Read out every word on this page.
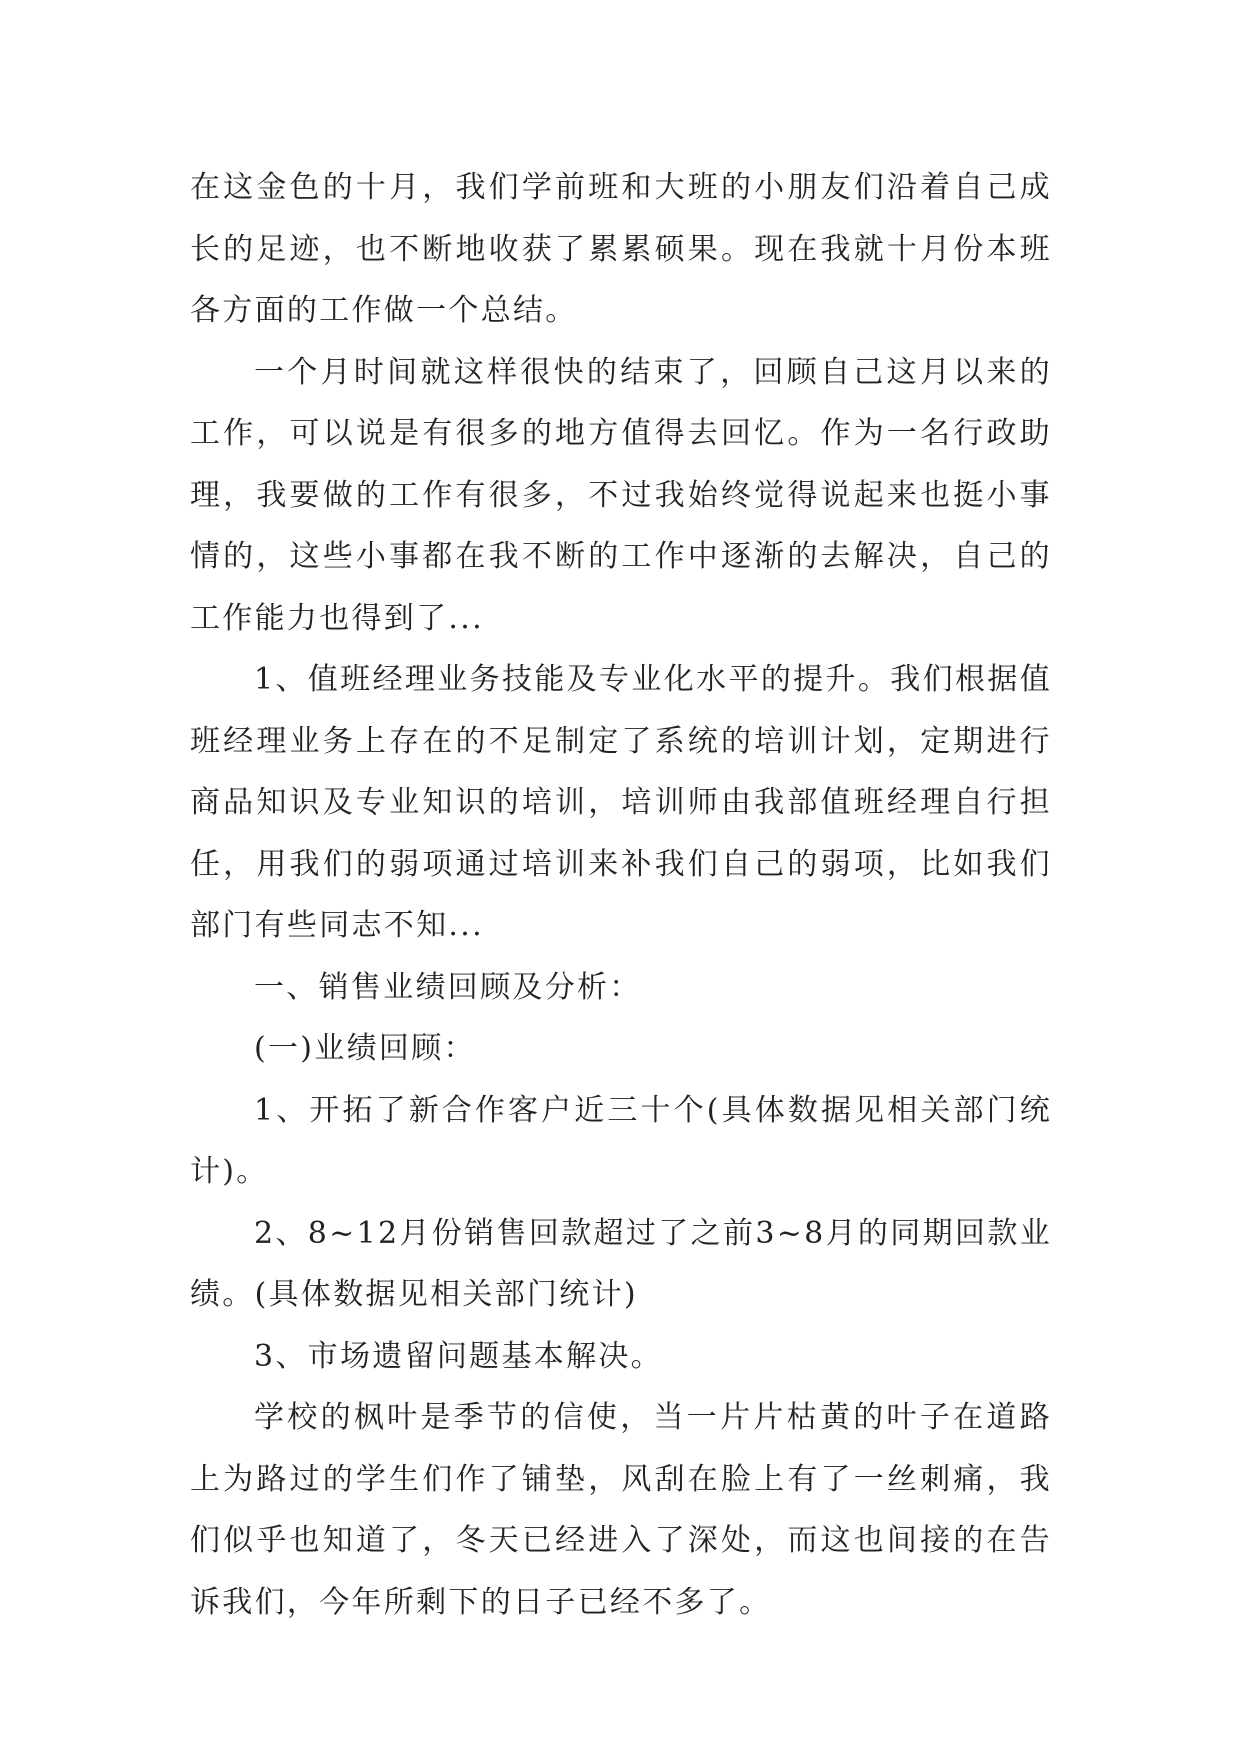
在这金色的十月，我们学前班和大班的小朋友们沿着自己成长的足迹，也不断地收获了累累硕果。现在我就十月份本班各方面的工作做一个总结。

一个月时间就这样很快的结束了，回顾自己这月以来的工作，可以说是有很多的地方值得去回忆。作为一名行政助理，我要做的工作有很多，不过我始终觉得说起来也挺小事情的，这些小事都在我不断的工作中逐渐的去解决，自己的工作能力也得到了...

1、值班经理业务技能及专业化水平的提升。我们根据值班经理业务上存在的不足制定了系统的培训计划，定期进行商品知识及专业知识的培训，培训师由我部值班经理自行担任，用我们的弱项通过培训来补我们自己的弱项，比如我们部门有些同志不知...

一、销售业绩回顾及分析：

(一)业绩回顾：

1、开拓了新合作客户近三十个(具体数据见相关部门统计)。

2、8~12月份销售回款超过了之前3~8月的同期回款业绩。(具体数据见相关部门统计)

3、市场遗留问题基本解决。

学校的枫叶是季节的信使，当一片片枯黄的叶子在道路上为路过的学生们作了铺垫，风刮在脸上有了一丝刺痛，我们似乎也知道了，冬天已经进入了深处，而这也间接的在告诉我们，今年所剩下的日子已经不多了。
